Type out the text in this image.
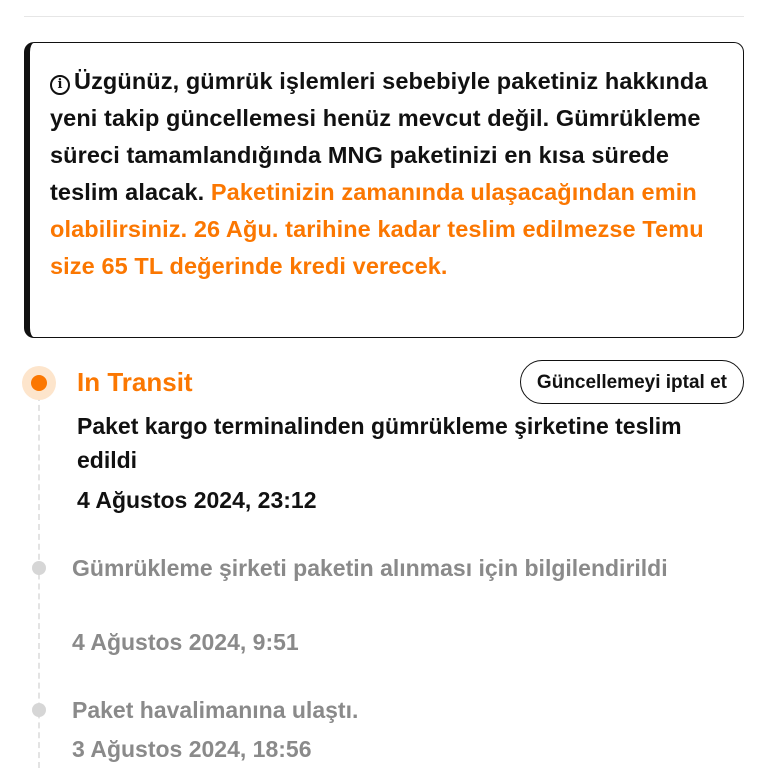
i Üzgünüz, gümrük işlemleri sebebiyle paketiniz hakkında yeni takip güncellemesi henüz mevcut değil. Gümrükleme süreci tamamlandığında MNG paketinizi en kısa sürede teslim alacak. Paketinizin zamanında ulaşacağından emin olabilirsiniz. 26 Ağu. tarihine kadar teslim edilmezse Temu size 65 TL değerinde kredi verecek.
In Transit	Güncellemeyi iptal et
Paket kargo terminalinden gümrükleme şirketine teslim edildi
4 Ağustos 2024, 23:12
Gümrükleme şirketi paketin alınması için bilgilendirildi
4 Ağustos 2024, 9:51
Paket havalimanına ulaştı.
3 Ağustos 2024, 18:56
